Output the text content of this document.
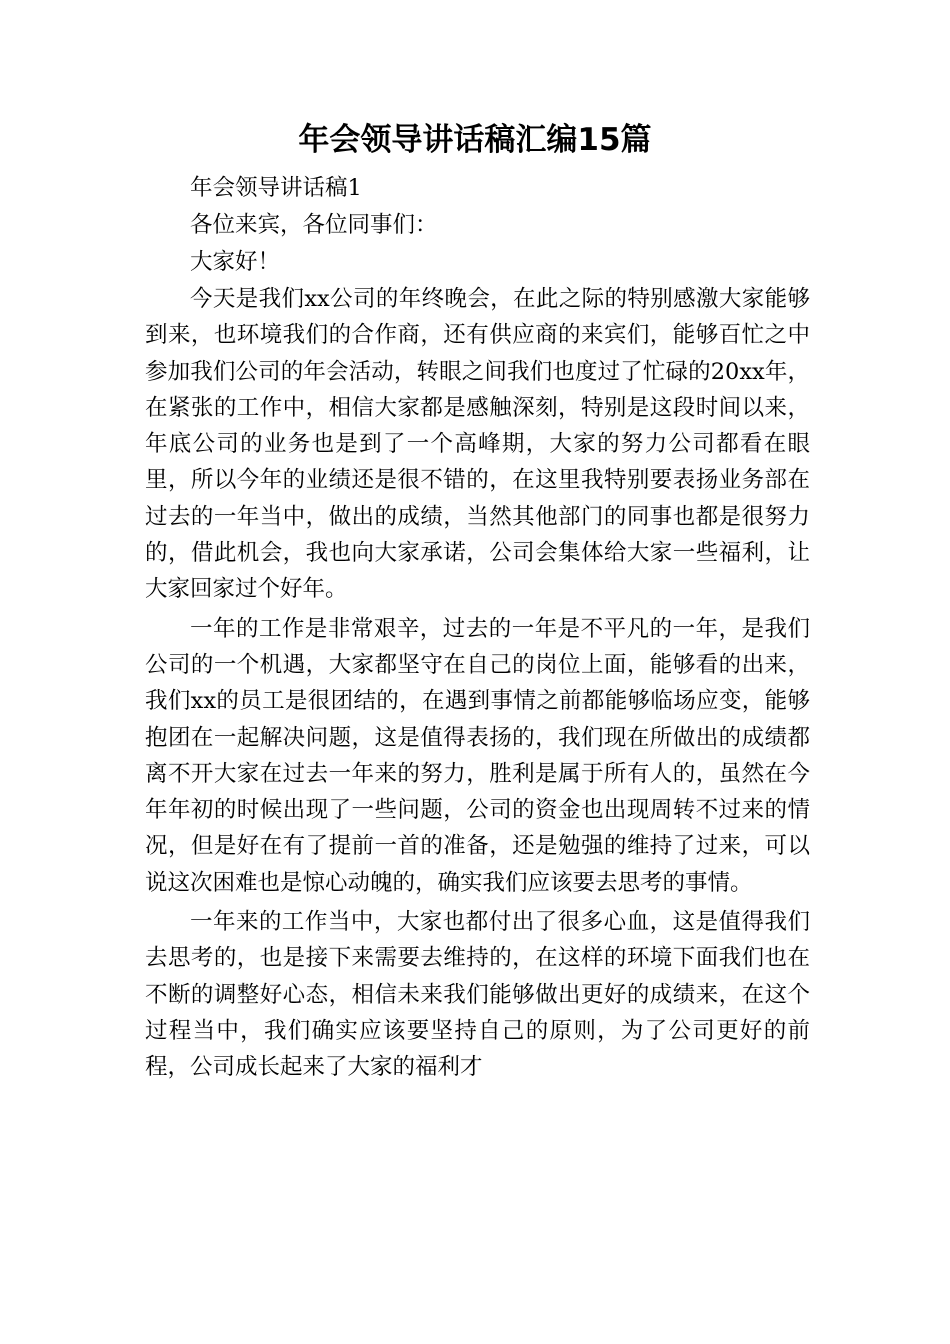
年会领导讲话稿汇编15篇

年会领导讲话稿1

各位来宾，各位同事们：

大家好！

今天是我们xx公司的年终晚会，在此之际的特别感激大家能够到来，也环境我们的合作商，还有供应商的来宾们，能够百忙之中参加我们公司的年会活动，转眼之间我们也度过了忙碌的20xx年，在紧张的工作中，相信大家都是感触深刻，特别是这段时间以来，年底公司的业务也是到了一个高峰期，大家的努力公司都看在眼里，所以今年的业绩还是很不错的，在这里我特别要表扬业务部在过去的一年当中，做出的成绩，当然其他部门的同事也都是很努力的，借此机会，我也向大家承诺，公司会集体给大家一些福利，让大家回家过个好年。

一年的工作是非常艰辛，过去的一年是不平凡的一年，是我们公司的一个机遇，大家都坚守在自己的岗位上面，能够看的出来，我们xx的员工是很团结的，在遇到事情之前都能够临场应变，能够抱团在一起解决问题，这是值得表扬的，我们现在所做出的成绩都离不开大家在过去一年来的努力，胜利是属于所有人的，虽然在今年年初的时候出现了一些问题，公司的资金也出现周转不过来的情况，但是好在有了提前一首的准备，还是勉强的维持了过来，可以说这次困难也是惊心动魄的，确实我们应该要去思考的事情。

一年来的工作当中，大家也都付出了很多心血，这是值得我们去思考的，也是接下来需要去维持的，在这样的环境下面我们也在不断的调整好心态，相信未来我们能够做出更好的成绩来，在这个过程当中，我们确实应该要坚持自己的原则，为了公司更好的前程，公司成长起来了大家的福利才
